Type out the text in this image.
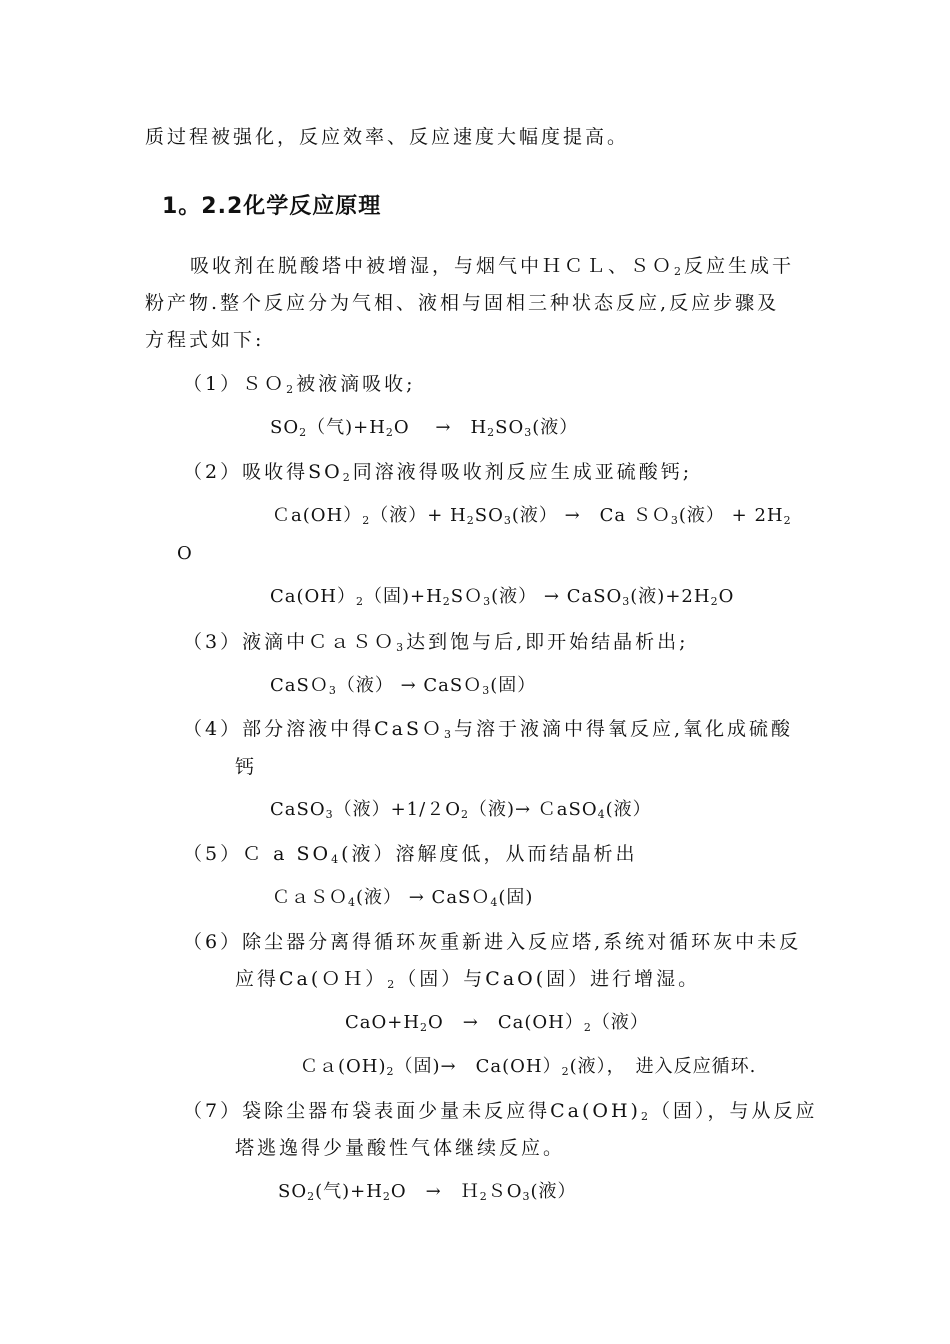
质过程被强化，反应效率、反应速度大幅度提高。
1。2.2化学反应原理
吸收剂在脱酸塔中被增湿，与烟气中ＨＣＬ、ＳＯ$_2$反应生成干
粉产物.整个反应分为气相、液相与固相三种状态反应,反应步骤及
方程式如下:
（1）ＳＯ$_2$被液滴吸收;
$SO_2$（气)$+H_2O$　 →　$H_2SO_3$(液）
（2）吸收得$SO_2$同溶液得吸收剂反应生成亚硫酸钙;
$Ca(OH)_2$（液）+ $H_2SO_3$(液） →　Ca ＳＯ$_3$(液） + $2H_2$
O
$Ca(OH)_2$（固)$+H_2SO_3$(液） → CaSO$_3$(液)$+2H_2O$
（3）液滴中ＣａＳＯ$_3$达到饱与后,即开始结晶析出;
CaSＯ$_3$（液） → CaSＯ$_3$(固）
（4）部分溶液中得CaSＯ$_3$与溶于液滴中得氧反应,氧化成硫酸
钙
CaSO$_3$（液）$+1/2O_2$（液)→ ＣaSO$_4$(液）
（5）Ｃ a $SO_4$(液）溶解度低，从而结晶析出
ＣａＳＯ$_4$(液） → CaSＯ$_4$(固)
（6）除尘器分离得循环灰重新进入反应塔,系统对循环灰中未反
应得$Ca(OH)_2$（固）与CaO(固）进行增湿。
$CaO+H_2O$　→　$Ca(OH)_2$（液）
$Ca(OH)_2$（固)→　$Ca(OH)_2$(液），　进入反应循环.
（7）袋除尘器布袋表面少量未反应得$Ca(OH)_2$（固），与从反应
塔逃逸得少量酸性气体继续反应。
$SO_2$(气)$+H_2O$　→　Ｈ$_2$ＳO$_3$(液）
